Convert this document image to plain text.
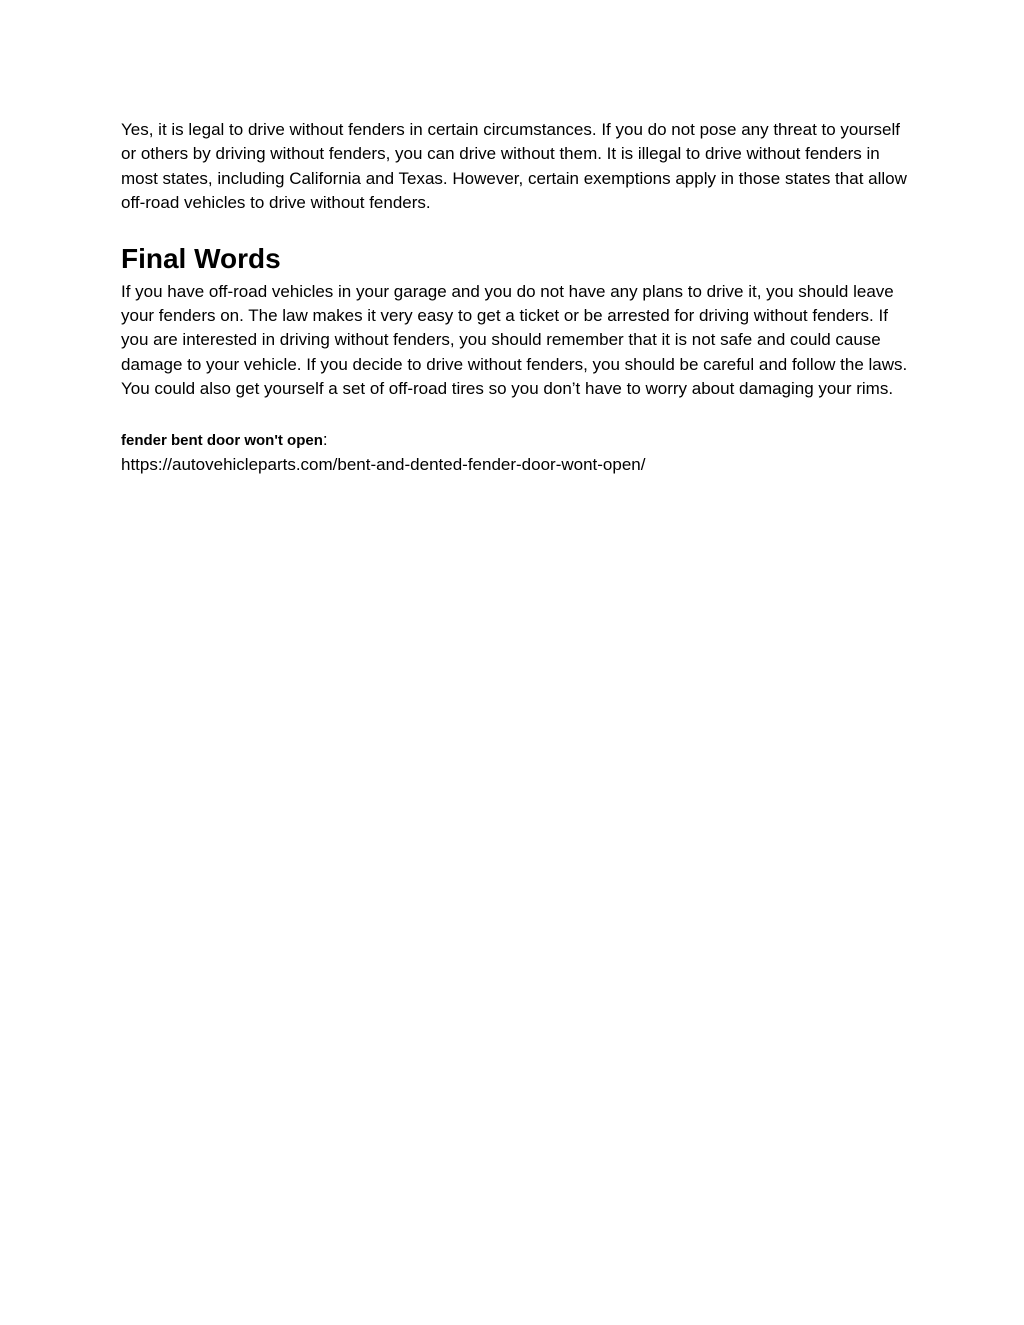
Yes, it is legal to drive without fenders in certain circumstances. If you do not pose any threat to yourself or others by driving without fenders, you can drive without them. It is illegal to drive without fenders in most states, including California and Texas. However, certain exemptions apply in those states that allow off-road vehicles to drive without fenders.

Final Words

If you have off-road vehicles in your garage and you do not have any plans to drive it, you should leave your fenders on. The law makes it very easy to get a ticket or be arrested for driving without fenders. If you are interested in driving without fenders, you should remember that it is not safe and could cause damage to your vehicle. If you decide to drive without fenders, you should be careful and follow the laws. You could also get yourself a set of off-road tires so you don’t have to worry about damaging your rims.

fender bent door won't open:
https://autovehicleparts.com/bent-and-dented-fender-door-wont-open/
